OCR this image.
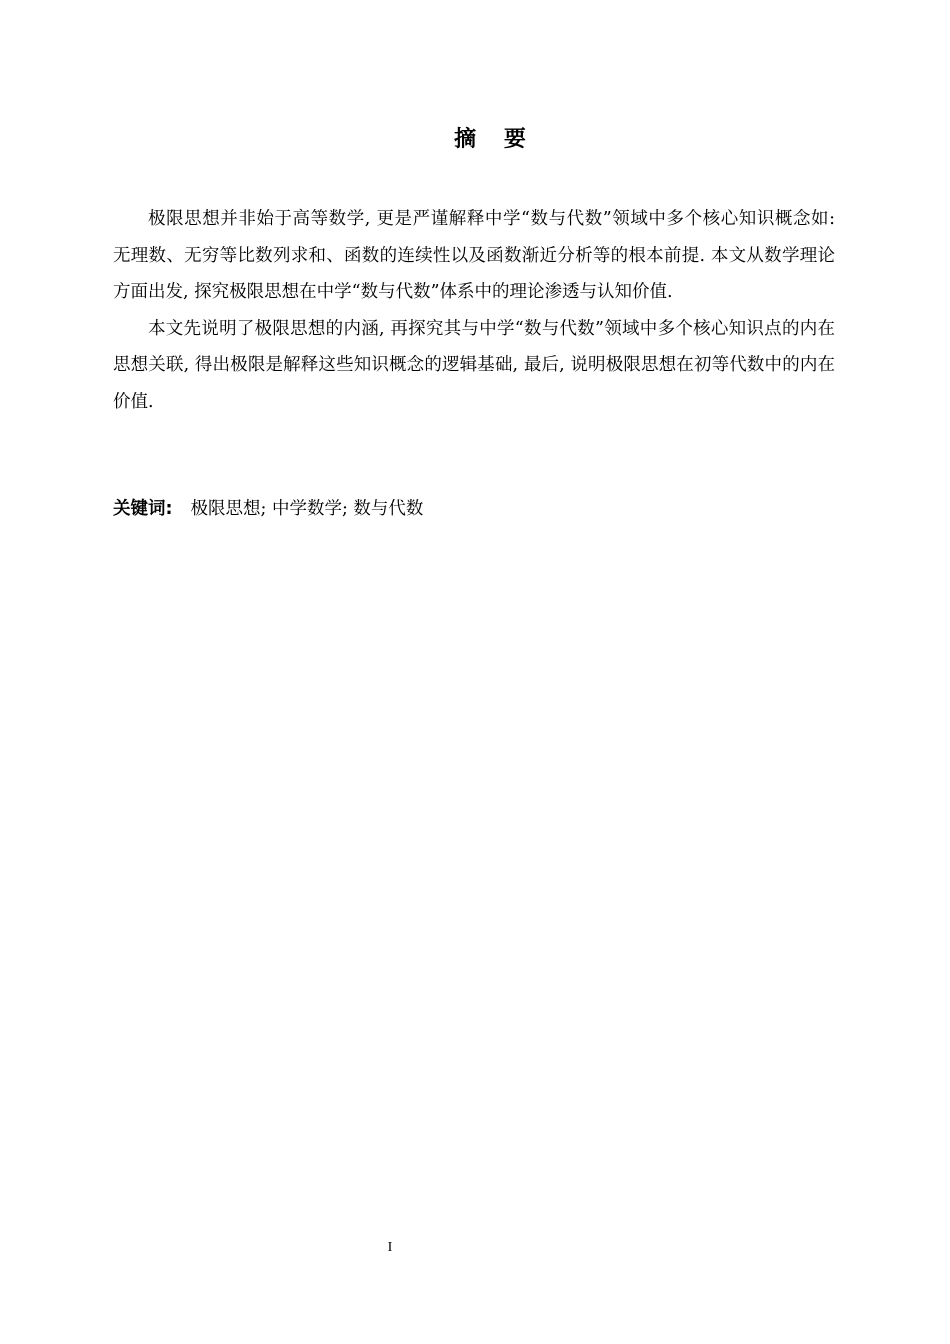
摘 要

极限思想并非始于高等数学, 更是严谨解释中学“数与代数”领域中多个核心知识概念如: 无理数、无穷等比数列求和、函数的连续性以及函数渐近分析等的根本前提. 本文从数学理论方面出发, 探究极限思想在中学“数与代数”体系中的理论渗透与认知价值.

本文先说明了极限思想的内涵, 再探究其与中学“数与代数”领域中多个核心知识点的内在思想关联, 得出极限是解释这些知识概念的逻辑基础, 最后, 说明极限思想在初等代数中的内在价值.

关键词: 极限思想; 中学数学; 数与代数
I
